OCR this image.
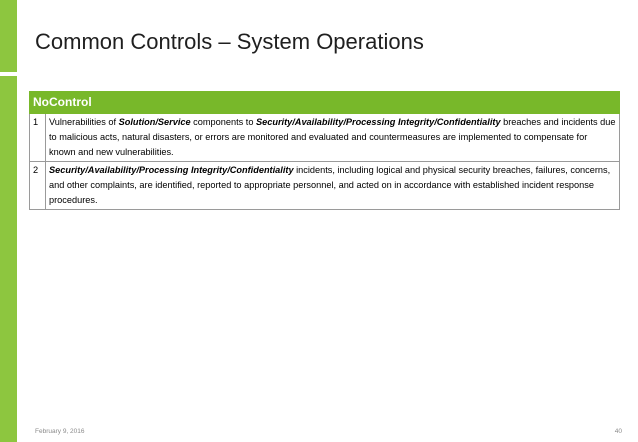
Common Controls – System Operations
No	Control
1	Vulnerabilities of Solution/Service components to Security/Availability/Processing Integrity/Confidentiality breaches and incidents due to malicious acts, natural disasters, or errors are monitored and evaluated and countermeasures are implemented to compensate for known and new vulnerabilities.
2	Security/Availability/Processing Integrity/Confidentiality incidents, including logical and physical security breaches, failures, concerns, and other complaints, are identified, reported to appropriate personnel, and acted on in accordance with established incident response procedures.
February 9, 2016	40
